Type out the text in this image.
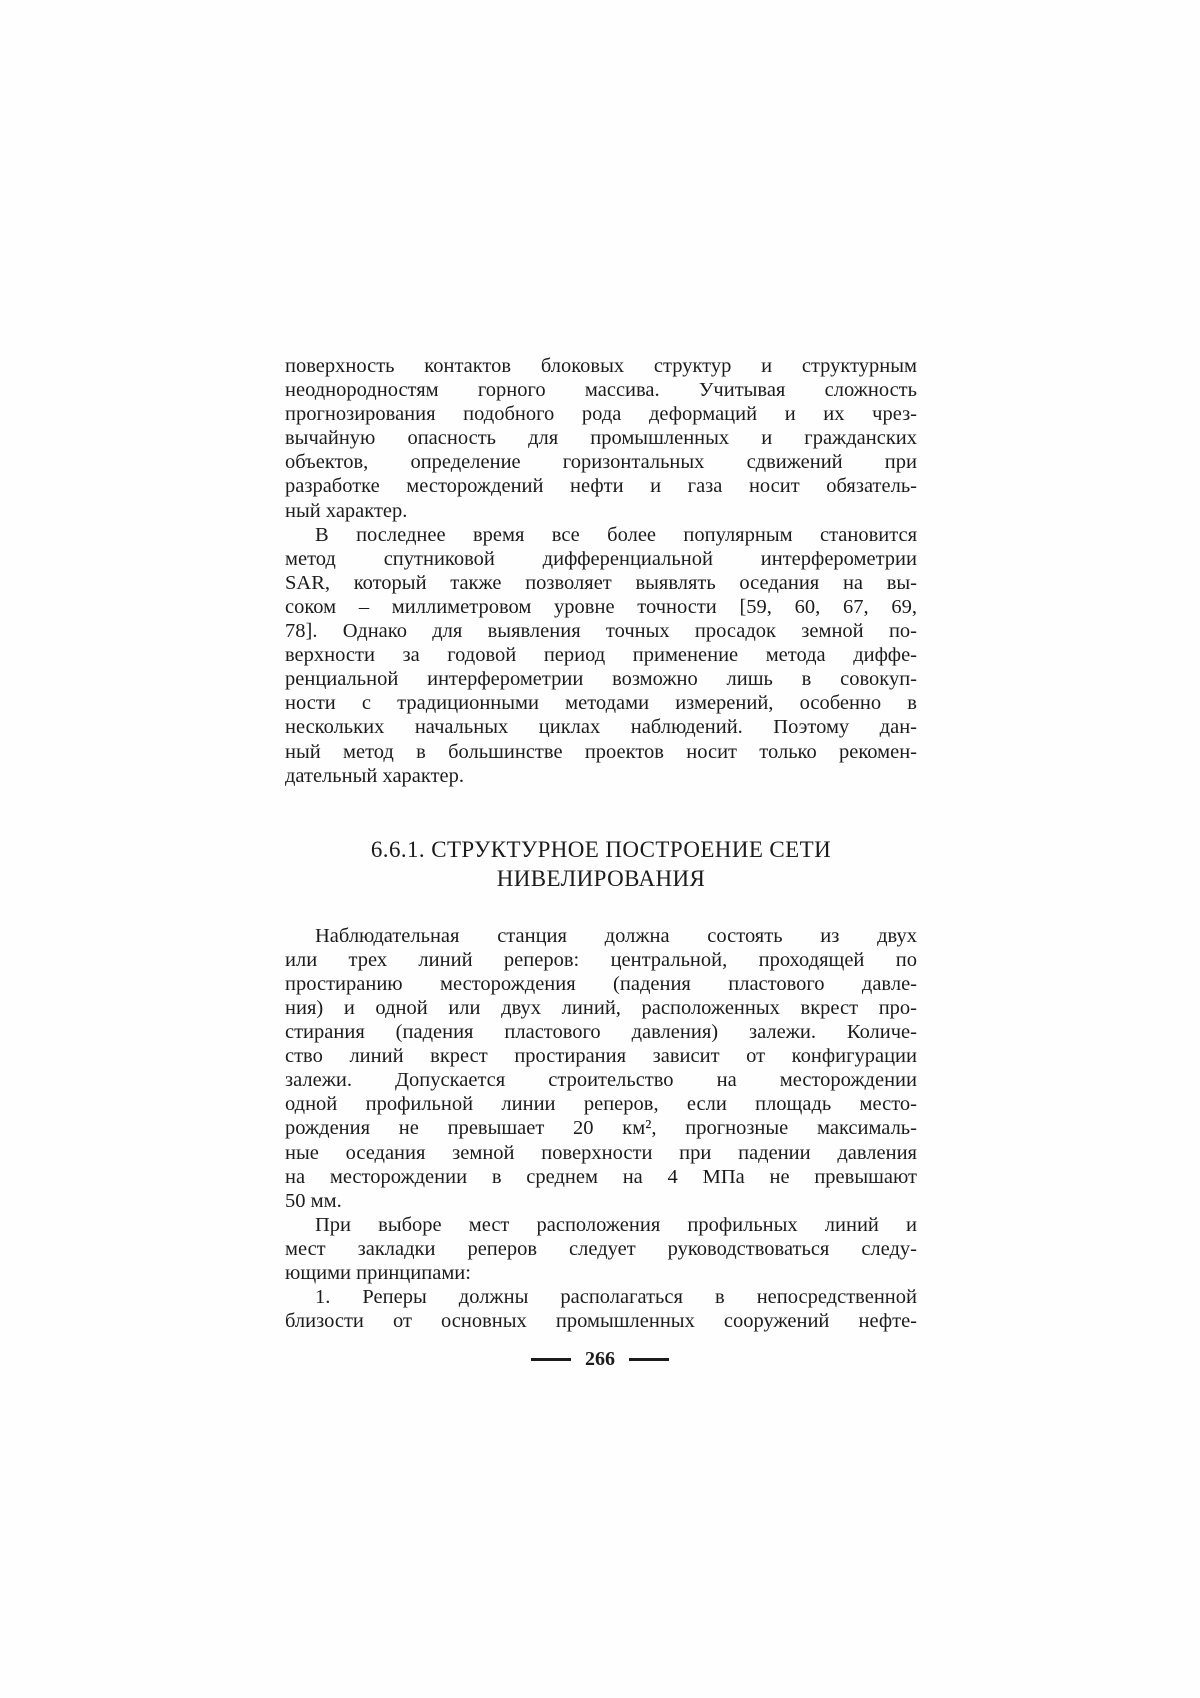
поверхность контактов блоковых структур и структурным
неоднородностям горного массива. Учитывая сложность
прогнозирования подобного рода деформаций и их чрез-
вычайную опасность для промышленных и гражданских
объектов, определение горизонтальных сдвижений при
разработке месторождений нефти и газа носит обязатель-
ный характер.
В последнее время все более популярным становится
метод спутниковой дифференциальной интерферометрии
SAR, который также позволяет выявлять оседания на вы-
соком – миллиметровом уровне точности [59, 60, 67, 69,
78]. Однако для выявления точных просадок земной по-
верхности за годовой период применение метода диффе-
ренциальной интерферометрии возможно лишь в совокуп-
ности с традиционными методами измерений, особенно в
нескольких начальных циклах наблюдений. Поэтому дан-
ный метод в большинстве проектов носит только рекомен-
дательный характер.
6.6.1. СТРУКТУРНОЕ ПОСТРОЕНИЕ СЕТИ
НИВЕЛИРОВАНИЯ
Наблюдательная станция должна состоять из двух
или трех линий реперов: центральной, проходящей по
простиранию месторождения (падения пластового давле-
ния) и одной или двух линий, расположенных вкрест про-
стирания (падения пластового давления) залежи. Количе-
ство линий вкрест простирания зависит от конфигурации
залежи. Допускается строительство на месторождении
одной профильной линии реперов, если площадь место-
рождения не превышает 20 км², прогнозные максималь-
ные оседания земной поверхности при падении давления
на месторождении в среднем на 4 МПа не превышают
50 мм.
При выборе мест расположения профильных линий и
мест закладки реперов следует руководствоваться следу-
ющими принципами:
1. Реперы должны располагаться в непосредственной
близости от основных промышленных сооружений нефте-
266
